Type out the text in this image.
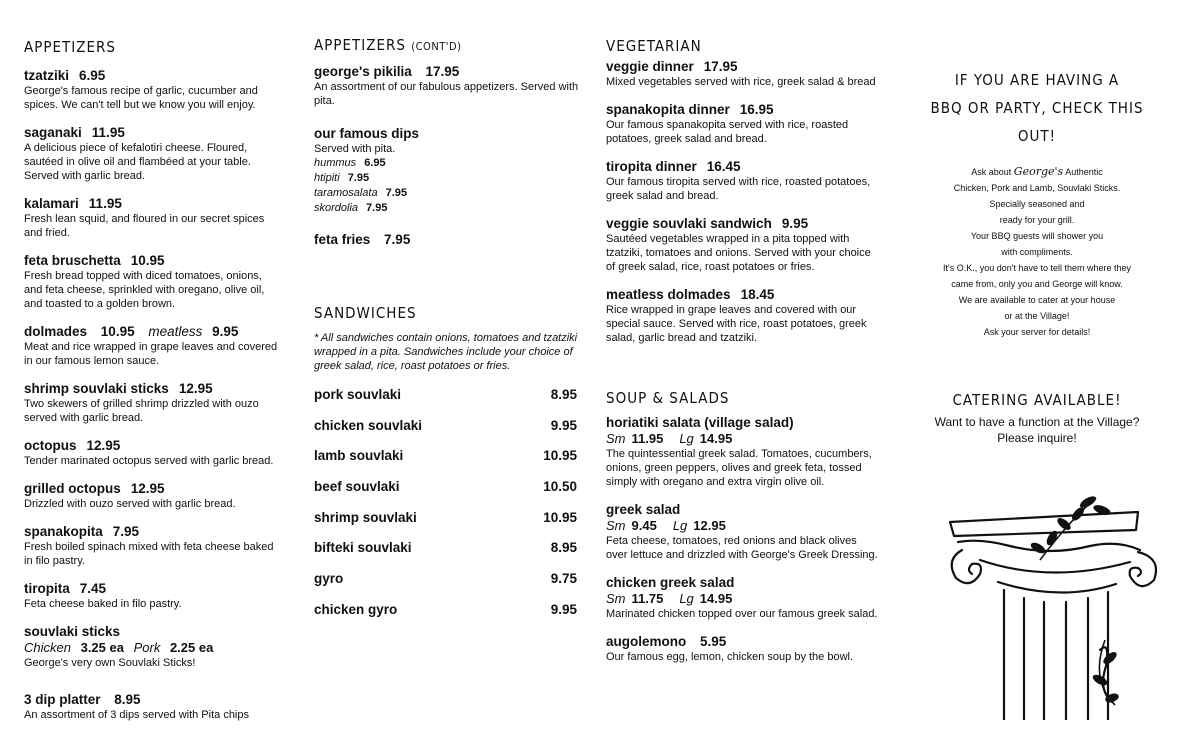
APPETIZERS
tzatziki 6.95
George's famous recipe of garlic, cucumber and spices. We can't tell but we know you will enjoy.
saganaki 11.95
A delicious piece of kefalotiri cheese. Floured, sautéed in olive oil and flambéed at your table. Served with garlic bread.
kalamari 11.95
Fresh lean squid, and floured in our secret spices and fried.
feta bruschetta 10.95
Fresh bread topped with diced tomatoes, onions, and feta cheese, sprinkled with oregano, olive oil, and toasted to a golden brown.
dolmades 10.95 meatless 9.95
Meat and rice wrapped in grape leaves and covered in our famous lemon sauce.
shrimp souvlaki sticks 12.95
Two skewers of grilled shrimp drizzled with ouzo served with garlic bread.
octopus 12.95
Tender marinated octopus served with garlic bread.
grilled octopus 12.95
Drizzled with ouzo served with garlic bread.
spanakopita 7.95
Fresh boiled spinach mixed with feta cheese baked in filo pastry.
tiropita 7.45
Feta cheese baked in filo pastry.
souvlaki sticks
Chicken 3.25 ea Pork 2.25 ea
George's very own Souvlaki Sticks!
3 dip platter 8.95
An assortment of 3 dips served with Pita chips
APPETIZERS (CONT'D)
george's pikilia 17.95
An assortment of our fabulous appetizers. Served with pita.
our famous dips
Served with pita.
hummus 6.95
htipiti 7.95
taramosalata 7.95
skordolia 7.95
feta fries 7.95
SANDWICHES
* All sandwiches contain onions, tomatoes and tzatziki wrapped in a pita. Sandwiches include your choice of greek salad, rice, roast potatoes or fries.
pork souvlaki	8.95
chicken souvlaki	9.95
lamb souvlaki	10.95
beef souvlaki	10.50
shrimp souvlaki	10.95
bifteki souvlaki	8.95
gyro	9.75
chicken gyro	9.95
VEGETARIAN
veggie dinner 17.95
Mixed vegetables served with rice, greek salad & bread
spanakopita dinner 16.95
Our famous spanakopita served with rice, roasted potatoes, greek salad and bread.
tiropita dinner 16.45
Our famous tiropita served with rice, roasted potatoes, greek salad and bread.
veggie souvlaki sandwich 9.95
Sautéed vegetables wrapped in a pita topped with tzatziki, tomatoes and onions. Served with your choice of greek salad, rice, roast potatoes or fries.
meatless dolmades 18.45
Rice wrapped in grape leaves and covered with our special sauce. Served with rice, roast potatoes, greek salad, garlic bread and tzatziki.
SOUP & SALADS
horiatiki salata (village salad)
Sm 11.95 Lg 14.95
The quintessential greek salad. Tomatoes, cucumbers, onions, green peppers, olives and greek feta, tossed simply with oregano and extra virgin olive oil.
greek salad
Sm 9.45 Lg 12.95
Feta cheese, tomatoes, red onions and black olives over lettuce and drizzled with George's Greek Dressing.
chicken greek salad
Sm 11.75 Lg 14.95
Marinated chicken topped over our famous greek salad.
augolemono 5.95
Our famous egg, lemon, chicken soup by the bowl.
IF YOU ARE HAVING A
BBQ OR PARTY, CHECK THIS OUT!
Ask about George's Authentic
Chicken, Pork and Lamb, Souvlaki Sticks.
Specially seasoned and
ready for your grill.
Your BBQ guests will shower you
with compliments.
It's O.K., you don't have to tell them where they
came from, only you and George will know.
We are available to cater at your house
or at the Village!
Ask your server for details!
CATERING AVAILABLE!
Want to have a function at the Village?
Please inquire!
